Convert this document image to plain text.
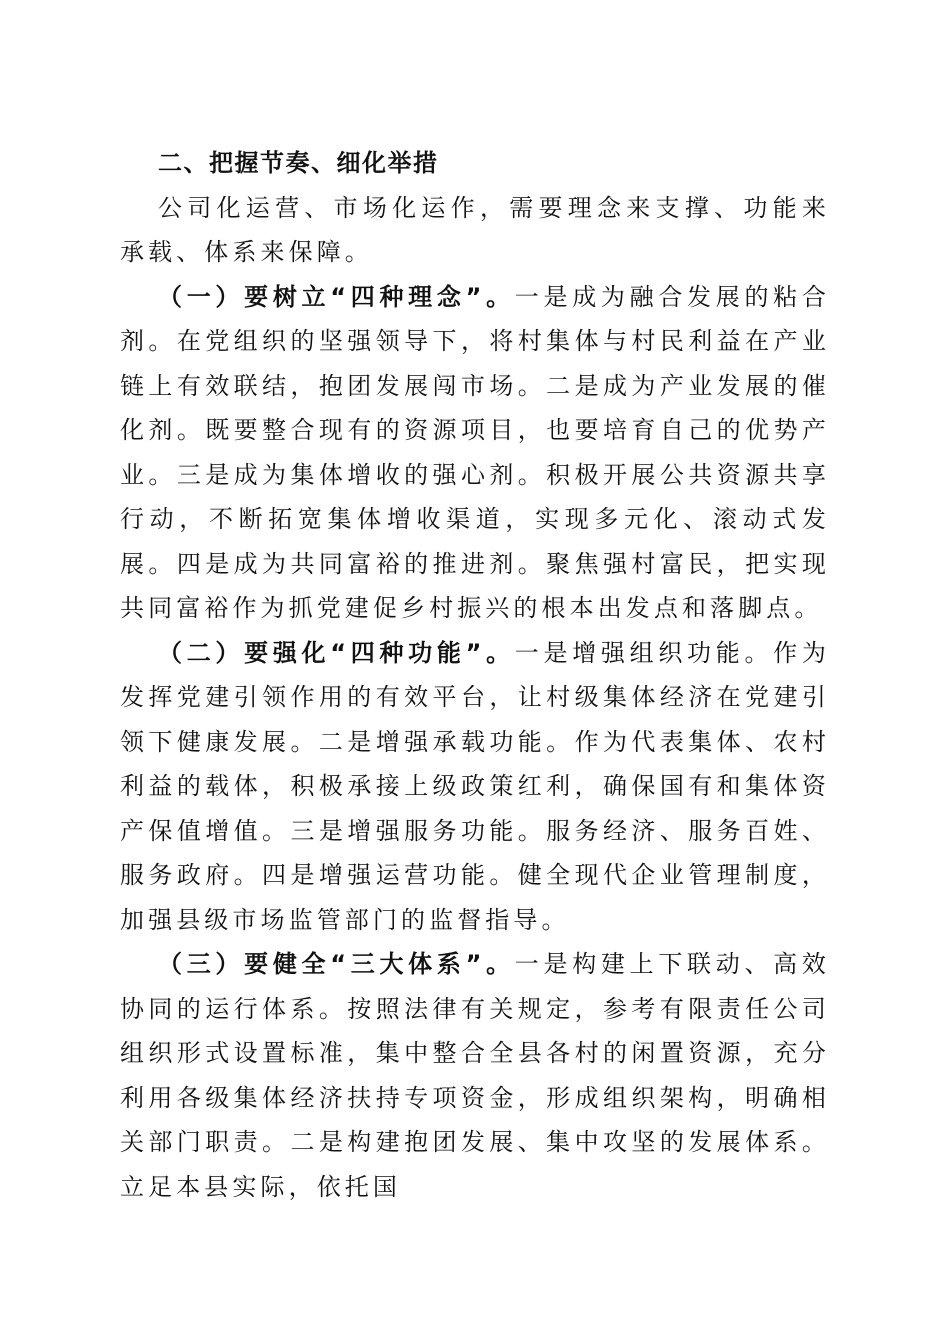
二、把握节奏、细化举措

公司化运营、市场化运作，需要理念来支撑、功能来承载、体系来保障。

（一）要树立“四种理念”。一是成为融合发展的粘合剂。在党组织的坚强领导下，将村集体与村民利益在产业链上有效联结，抱团发展闯市场。二是成为产业发展的催化剂。既要整合现有的资源项目，也要培育自己的优势产业。三是成为集体增收的强心剂。积极开展公共资源共享行动，不断拓宽集体增收渠道，实现多元化、滚动式发展。四是成为共同富裕的推进剂。聚焦强村富民，把实现共同富裕作为抓党建促乡村振兴的根本出发点和落脚点。

（二）要强化“四种功能”。一是增强组织功能。作为发挥党建引领作用的有效平台，让村级集体经济在党建引领下健康发展。二是增强承载功能。作为代表集体、农村利益的载体，积极承接上级政策红利，确保国有和集体资产保值增值。三是增强服务功能。服务经济、服务百姓、服务政府。四是增强运营功能。健全现代企业管理制度，加强县级市场监管部门的监督指导。

（三）要健全“三大体系”。一是构建上下联动、高效协同的运行体系。按照法律有关规定，参考有限责任公司组织形式设置标准，集中整合全县各村的闲置资源，充分利用各级集体经济扶持专项资金，形成组织架构，明确相关部门职责。二是构建抱团发展、集中攻坚的发展体系。立足本县实际，依托国
